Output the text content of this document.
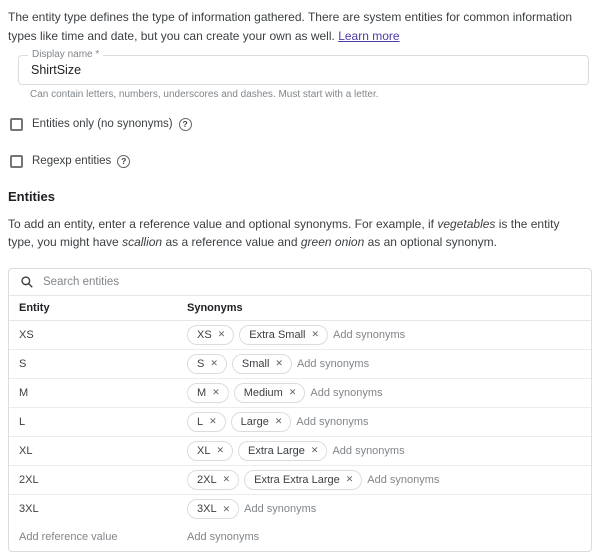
The entity type defines the type of information gathered. There are system entities for common information types like time and date, but you can create your own as well. Learn more

Display name *
ShirtSize
Can contain letters, numbers, underscores and dashes. Must start with a letter.
Entities only (no synonyms)	?
Regexp entities	?
Entities

To add an entity, enter a reference value and optional synonyms. For example, if vegetables is the entity type, you might have scallion as a reference value and green onion as an optional synonym.

Search entities
Entity	Synonyms
XS	XS ✕ Extra Small ✕ Add synonyms
S	S ✕ Small ✕ Add synonyms
M	M ✕ Medium ✕ Add synonyms
L	L ✕ Large ✕ Add synonyms
XL	XL ✕ Extra Large ✕ Add synonyms
2XL	2XL ✕ Extra Extra Large ✕ Add synonyms
3XL	3XL ✕ Add synonyms
Add reference value	Add synonyms
